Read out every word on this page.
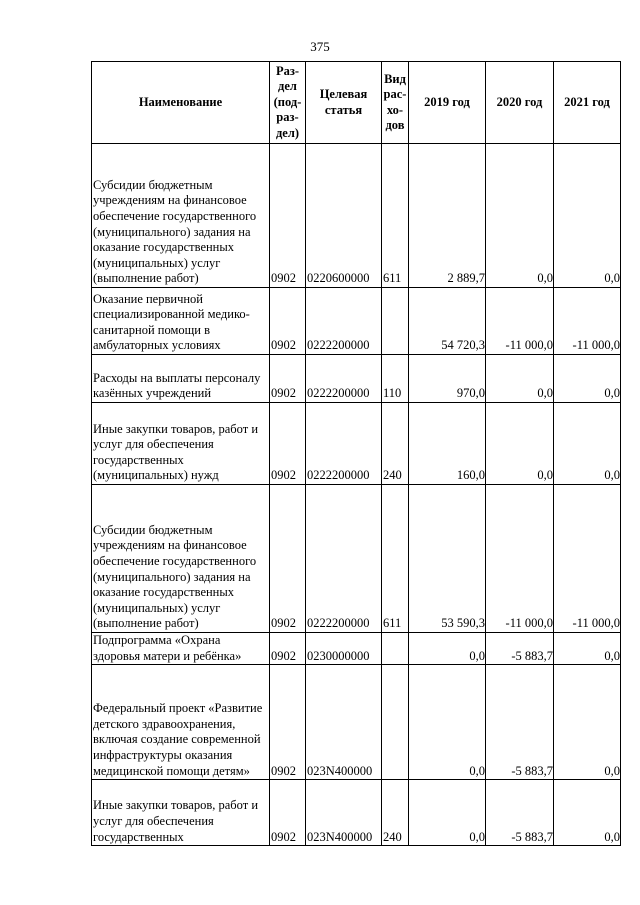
375
Наименование	Раз-дел (под-раз-дел)	Целевая статья	Вид рас-хо-дов	2019 год	2020 год	2021 год
Субсидии бюджетным учреждениям на финансовое обеспечение государственного (муниципального) задания на оказание государственных (муниципальных) услуг (выполнение работ)	0902	0220600000	611	2 889,7	0,0	0,0
Оказание первичной специализированной медико-санитарной помощи в амбулаторных условиях	0902	0222200000		54 720,3	-11 000,0	-11 000,0
Расходы на выплаты персоналу казённых учреждений	0902	0222200000	110	970,0	0,0	0,0
Иные закупки товаров, работ и услуг для обеспечения государственных (муниципальных) нужд	0902	0222200000	240	160,0	0,0	0,0
Субсидии бюджетным учреждениям на финансовое обеспечение государственного (муниципального) задания на оказание государственных (муниципальных) услуг (выполнение работ)	0902	0222200000	611	53 590,3	-11 000,0	-11 000,0
Подпрограмма «Охрана здоровья матери и ребёнка»	0902	0230000000		0,0	-5 883,7	0,0
Федеральный проект «Развитие детского здравоохранения, включая создание современной инфраструктуры оказания медицинской помощи детям»	0902	023N400000		0,0	-5 883,7	0,0
Иные закупки товаров, работ и услуг для обеспечения государственных	0902	023N400000	240	0,0	-5 883,7	0,0
